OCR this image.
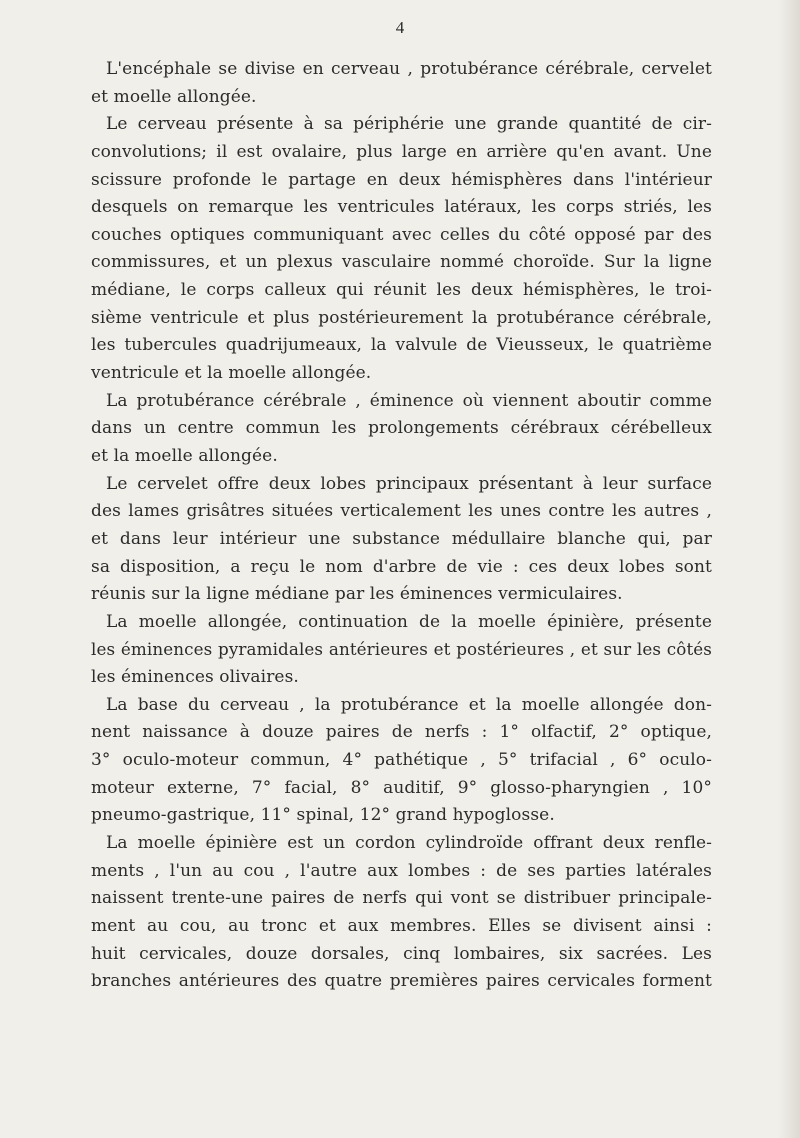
4
L'encéphale se divise en cerveau , protubérance cérébrale, cervelet
et moelle allongée.
Le cerveau présente à sa périphérie une grande quantité de cir-
convolutions; il est ovalaire, plus large en arrière qu'en avant. Une
scissure profonde le partage en deux hémisphères dans l'intérieur
desquels on remarque les ventricules latéraux, les corps striés, les
couches optiques communiquant avec celles du côté opposé par des
commissures, et un plexus vasculaire nommé choroïde. Sur la ligne
médiane, le corps calleux qui réunit les deux hémisphères, le troi-
sième ventricule et plus postérieurement la protubérance cérébrale,
les tubercules quadrijumeaux, la valvule de Vieusseux, le quatrième
ventricule et la moelle allongée.
La protubérance cérébrale , éminence où viennent aboutir comme
dans un centre commun les prolongements cérébraux cérébelleux
et la moelle allongée.
Le cervelet offre deux lobes principaux présentant à leur surface
des lames grisâtres situées verticalement les unes contre les autres ,
et dans leur intérieur une substance médullaire blanche qui, par
sa disposition, a reçu le nom d'arbre de vie : ces deux lobes sont
réunis sur la ligne médiane par les éminences vermiculaires.
La moelle allongée, continuation de la moelle épinière, présente
les éminences pyramidales antérieures et postérieures , et sur les côtés
les éminences olivaires.
La base du cerveau , la protubérance et la moelle allongée don-
nent naissance à douze paires de nerfs : 1° olfactif, 2° optique,
3° oculo-moteur commun, 4° pathétique , 5° trifacial , 6° oculo-
moteur externe, 7° facial, 8° auditif, 9° glosso-pharyngien , 10°
pneumo-gastrique, 11° spinal, 12° grand hypoglosse.
La moelle épinière est un cordon cylindroïde offrant deux renfle-
ments , l'un au cou , l'autre aux lombes : de ses parties latérales
naissent trente-une paires de nerfs qui vont se distribuer principale-
ment au cou, au tronc et aux membres. Elles se divisent ainsi :
huit cervicales, douze dorsales, cinq lombaires, six sacrées. Les
branches antérieures des quatre premières paires cervicales forment
